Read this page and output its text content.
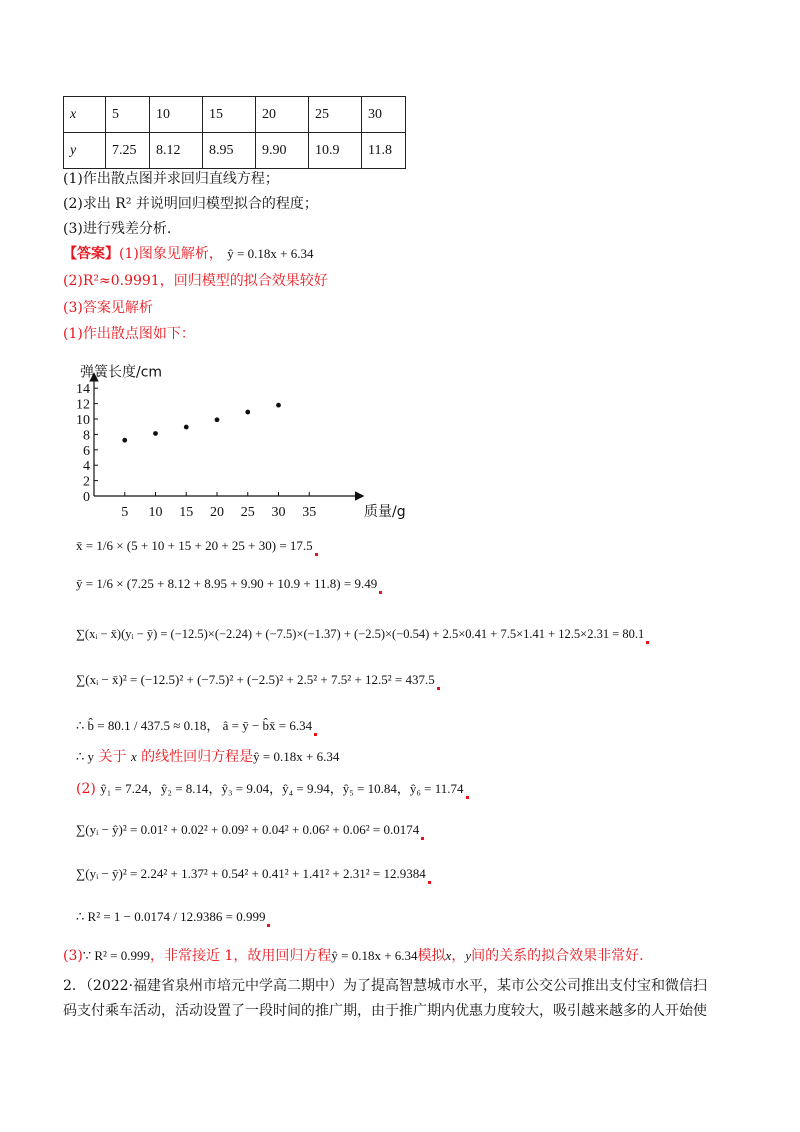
x	5	10	15	20	25	30
y	7.25	8.12	8.95	9.90	10.9	11.8
(1)作出散点图并求回归直线方程；
(2)求出 R² 并说明回归模型拟合的程度；
(3)进行残差分析.
【答案】(1)图象见解析， ŷ = 0.18x + 6.34
(2)R²≈0.9991，回归模型的拟合效果较好
(3)答案见解析
(1)作出散点图如下：
0
2
4
6
8
10
12
14
5 10 15 20 25 30 35
弹簧长度/cm
质量/g
x̄ = 1/6 × (5 + 10 + 15 + 20 + 25 + 30) = 17.5
ȳ = 1/6 × (7.25 + 8.12 + 8.95 + 9.90 + 10.9 + 11.8) = 9.49
∑(xᵢ − x̄)(yᵢ − ȳ) = (−12.5)×(−2.24) + (−7.5)×(−1.37) + (−2.5)×(−0.54) + 2.5×0.41 + 7.5×1.41 + 12.5×2.31 = 80.1
∑(xᵢ − x̄)² = (−12.5)² + (−7.5)² + (−2.5)² + 2.5² + 7.5² + 12.5² = 437.5
∴ b̂ = 80.1 / 437.5 ≈ 0.18， â = ȳ − b̂x̄ = 6.34
∴ y 关于 x 的线性回归方程是ŷ = 0.18x + 6.34
(2) ŷ₁ = 7.24，ŷ₂ = 8.14，ŷ₃ = 9.04，ŷ₄ = 9.94，ŷ₅ = 10.84，ŷ₆ = 11.74
∑(yᵢ − ŷ)² = 0.01² + 0.02² + 0.09² + 0.04² + 0.06² + 0.06² = 0.0174
∑(yᵢ − ȳ)² = 2.24² + 1.37² + 0.54² + 0.41² + 1.41² + 2.31² = 12.9384
∴ R² = 1 − 0.0174 / 12.9386 = 0.999
(3)∵ R² = 0.999，非常接近 1，故用回归方程ŷ = 0.18x + 6.34模拟x，y间的关系的拟合效果非常好.
2．（2022·福建省泉州市培元中学高二期中）为了提高智慧城市水平，某市公交公司推出支付宝和微信扫
码支付乘车活动，活动设置了一段时间的推广期，由于推广期内优惠力度较大，吸引越来越多的人开始使
